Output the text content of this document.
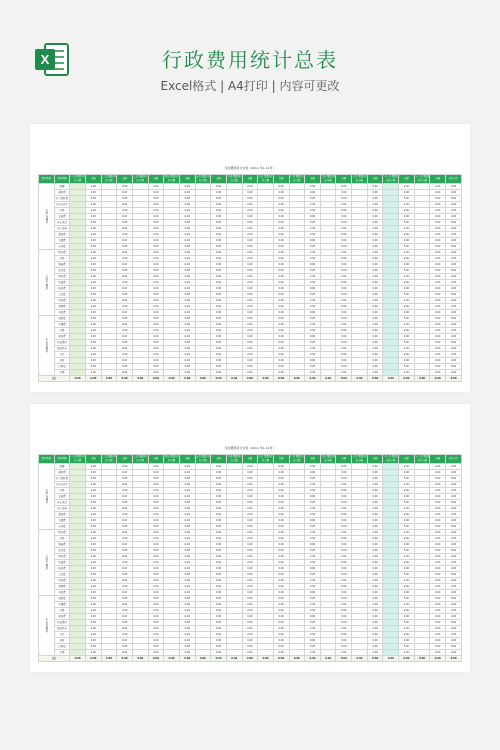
X	行政费用统计总表
Excel格式 | A4打印 | 内容可更改
行政费用统计总表（20xx 年1-12月）
费用类别	费用明细	一月 预算/实际金额	差额	二月 预算/实际金额	差额	三月 预算/实际金额	差额	四月 预算/实际金额	差额	五月 预算/实际金额	差额	六月 预算/实际金额	差额	七月 预算/实际金额	差额	八月 预算/实际金额	差额	九月 预算/实际金额	差额	十月 预算/实际金额	差额	十一月 预算/实际金额	差额	十二月 预算/实际金额	差额	年度合计
行政人员费用	薪酬		0.00		0.00		0.00		0.00		0.00		0.00		0.00		0.00		0.00		0.00		0.00		0.00	0.00
	福利费		0.00		0.00		0.00		0.00		0.00		0.00		0.00		0.00		0.00		0.00		0.00		0.00	0.00
	社会保险费		0.00		0.00		0.00		0.00		0.00		0.00		0.00		0.00		0.00		0.00		0.00		0.00	0.00
	住房公积金		0.00		0.00		0.00		0.00		0.00		0.00		0.00		0.00		0.00		0.00		0.00		0.00	0.00
	劳保		0.00		0.00		0.00		0.00		0.00		0.00		0.00		0.00		0.00		0.00		0.00		0.00	0.00
	差旅费		0.00		0.00		0.00		0.00		0.00		0.00		0.00		0.00		0.00		0.00		0.00		0.00	0.00
	办公用品		0.00		0.00		0.00		0.00		0.00		0.00		0.00		0.00		0.00		0.00		0.00		0.00	0.00
	办公设备		0.00		0.00		0.00		0.00		0.00		0.00		0.00		0.00		0.00		0.00		0.00		0.00	0.00
	通讯费		0.00		0.00		0.00		0.00		0.00		0.00		0.00		0.00		0.00		0.00		0.00		0.00	0.00
	交通费		0.00		0.00		0.00		0.00		0.00		0.00		0.00		0.00		0.00		0.00		0.00		0.00	0.00
	水电费		0.00		0.00		0.00		0.00		0.00		0.00		0.00		0.00		0.00		0.00		0.00		0.00	0.00
行政办公费用	物业费		0.00		0.00		0.00		0.00		0.00		0.00		0.00		0.00		0.00		0.00		0.00		0.00	0.00
	房租		0.00		0.00		0.00		0.00		0.00		0.00		0.00		0.00		0.00		0.00		0.00		0.00	0.00
	维修费		0.00		0.00		0.00		0.00		0.00		0.00		0.00		0.00		0.00		0.00		0.00		0.00	0.00
	保洁费		0.00		0.00		0.00		0.00		0.00		0.00		0.00		0.00		0.00		0.00		0.00		0.00	0.00
	绿化费		0.00		0.00		0.00		0.00		0.00		0.00		0.00		0.00		0.00		0.00		0.00		0.00	0.00
	快递费		0.00		0.00		0.00		0.00		0.00		0.00		0.00		0.00		0.00		0.00		0.00		0.00	0.00
	招待费		0.00		0.00		0.00		0.00		0.00		0.00		0.00		0.00		0.00		0.00		0.00		0.00	0.00
	会议费		0.00		0.00		0.00		0.00		0.00		0.00		0.00		0.00		0.00		0.00		0.00		0.00	0.00
	培训费		0.00		0.00		0.00		0.00		0.00		0.00		0.00		0.00		0.00		0.00		0.00		0.00	0.00
	印刷费		0.00		0.00		0.00		0.00		0.00		0.00		0.00		0.00		0.00		0.00		0.00		0.00	0.00
	书报费		0.00		0.00		0.00		0.00		0.00		0.00		0.00		0.00		0.00		0.00		0.00		0.00	0.00
办公用品费用	网络费		0.00		0.00		0.00		0.00		0.00		0.00		0.00		0.00		0.00		0.00		0.00		0.00	0.00
	车辆费		0.00		0.00		0.00		0.00		0.00		0.00		0.00		0.00		0.00		0.00		0.00		0.00	0.00
	油费		0.00		0.00		0.00		0.00		0.00		0.00		0.00		0.00		0.00		0.00		0.00		0.00	0.00
	保险费		0.00		0.00		0.00		0.00		0.00		0.00		0.00		0.00		0.00		0.00		0.00		0.00	0.00
	其他费用		0.00		0.00		0.00		0.00		0.00		0.00		0.00		0.00		0.00		0.00		0.00		0.00	0.00
	低值易耗		0.00		0.00		0.00		0.00		0.00		0.00		0.00		0.00		0.00		0.00		0.00		0.00	0.00
	文具		0.00		0.00		0.00		0.00		0.00		0.00		0.00		0.00		0.00		0.00		0.00		0.00	0.00
	耗材		0.00		0.00		0.00		0.00		0.00		0.00		0.00		0.00		0.00		0.00		0.00		0.00	0.00
	日用品		0.00		0.00		0.00		0.00		0.00		0.00		0.00		0.00		0.00		0.00		0.00		0.00	0.00
	杂费		0.00		0.00		0.00		0.00		0.00		0.00		0.00		0.00		0.00		0.00		0.00		0.00	0.00
合计		0.00	0.00	0.00	0.00	0.00	0.00	0.00	0.00	0.00	0.00	0.00	0.00	0.00	0.00	0.00	0.00	0.00	0.00	0.00	0.00	0.00	0.00	0.00	0.00	0.00
行政费用统计总表（20xx 年1-12月）
费用类别	费用明细	一月 预算/实际金额	差额	二月 预算/实际金额	差额	三月 预算/实际金额	差额	四月 预算/实际金额	差额	五月 预算/实际金额	差额	六月 预算/实际金额	差额	七月 预算/实际金额	差额	八月 预算/实际金额	差额	九月 预算/实际金额	差额	十月 预算/实际金额	差额	十一月 预算/实际金额	差额	十二月 预算/实际金额	差额	年度合计
行政人员费用	薪酬		0.00		0.00		0.00		0.00		0.00		0.00		0.00		0.00		0.00		0.00		0.00		0.00	0.00
	福利费		0.00		0.00		0.00		0.00		0.00		0.00		0.00		0.00		0.00		0.00		0.00		0.00	0.00
	社会保险费		0.00		0.00		0.00		0.00		0.00		0.00		0.00		0.00		0.00		0.00		0.00		0.00	0.00
	住房公积金		0.00		0.00		0.00		0.00		0.00		0.00		0.00		0.00		0.00		0.00		0.00		0.00	0.00
	劳保		0.00		0.00		0.00		0.00		0.00		0.00		0.00		0.00		0.00		0.00		0.00		0.00	0.00
	差旅费		0.00		0.00		0.00		0.00		0.00		0.00		0.00		0.00		0.00		0.00		0.00		0.00	0.00
	办公用品		0.00		0.00		0.00		0.00		0.00		0.00		0.00		0.00		0.00		0.00		0.00		0.00	0.00
	办公设备		0.00		0.00		0.00		0.00		0.00		0.00		0.00		0.00		0.00		0.00		0.00		0.00	0.00
	通讯费		0.00		0.00		0.00		0.00		0.00		0.00		0.00		0.00		0.00		0.00		0.00		0.00	0.00
	交通费		0.00		0.00		0.00		0.00		0.00		0.00		0.00		0.00		0.00		0.00		0.00		0.00	0.00
	水电费		0.00		0.00		0.00		0.00		0.00		0.00		0.00		0.00		0.00		0.00		0.00		0.00	0.00
行政办公费用	物业费		0.00		0.00		0.00		0.00		0.00		0.00		0.00		0.00		0.00		0.00		0.00		0.00	0.00
	房租		0.00		0.00		0.00		0.00		0.00		0.00		0.00		0.00		0.00		0.00		0.00		0.00	0.00
	维修费		0.00		0.00		0.00		0.00		0.00		0.00		0.00		0.00		0.00		0.00		0.00		0.00	0.00
	保洁费		0.00		0.00		0.00		0.00		0.00		0.00		0.00		0.00		0.00		0.00		0.00		0.00	0.00
	绿化费		0.00		0.00		0.00		0.00		0.00		0.00		0.00		0.00		0.00		0.00		0.00		0.00	0.00
	快递费		0.00		0.00		0.00		0.00		0.00		0.00		0.00		0.00		0.00		0.00		0.00		0.00	0.00
	招待费		0.00		0.00		0.00		0.00		0.00		0.00		0.00		0.00		0.00		0.00		0.00		0.00	0.00
	会议费		0.00		0.00		0.00		0.00		0.00		0.00		0.00		0.00		0.00		0.00		0.00		0.00	0.00
	培训费		0.00		0.00		0.00		0.00		0.00		0.00		0.00		0.00		0.00		0.00		0.00		0.00	0.00
	印刷费		0.00		0.00		0.00		0.00		0.00		0.00		0.00		0.00		0.00		0.00		0.00		0.00	0.00
	书报费		0.00		0.00		0.00		0.00		0.00		0.00		0.00		0.00		0.00		0.00		0.00		0.00	0.00
办公用品费用	网络费		0.00		0.00		0.00		0.00		0.00		0.00		0.00		0.00		0.00		0.00		0.00		0.00	0.00
	车辆费		0.00		0.00		0.00		0.00		0.00		0.00		0.00		0.00		0.00		0.00		0.00		0.00	0.00
	油费		0.00		0.00		0.00		0.00		0.00		0.00		0.00		0.00		0.00		0.00		0.00		0.00	0.00
	保险费		0.00		0.00		0.00		0.00		0.00		0.00		0.00		0.00		0.00		0.00		0.00		0.00	0.00
	其他费用		0.00		0.00		0.00		0.00		0.00		0.00		0.00		0.00		0.00		0.00		0.00		0.00	0.00
	低值易耗		0.00		0.00		0.00		0.00		0.00		0.00		0.00		0.00		0.00		0.00		0.00		0.00	0.00
	文具		0.00		0.00		0.00		0.00		0.00		0.00		0.00		0.00		0.00		0.00		0.00		0.00	0.00
	耗材		0.00		0.00		0.00		0.00		0.00		0.00		0.00		0.00		0.00		0.00		0.00		0.00	0.00
	日用品		0.00		0.00		0.00		0.00		0.00		0.00		0.00		0.00		0.00		0.00		0.00		0.00	0.00
	杂费		0.00		0.00		0.00		0.00		0.00		0.00		0.00		0.00		0.00		0.00		0.00		0.00	0.00
合计		0.00	0.00	0.00	0.00	0.00	0.00	0.00	0.00	0.00	0.00	0.00	0.00	0.00	0.00	0.00	0.00	0.00	0.00	0.00	0.00	0.00	0.00	0.00	0.00	0.00
